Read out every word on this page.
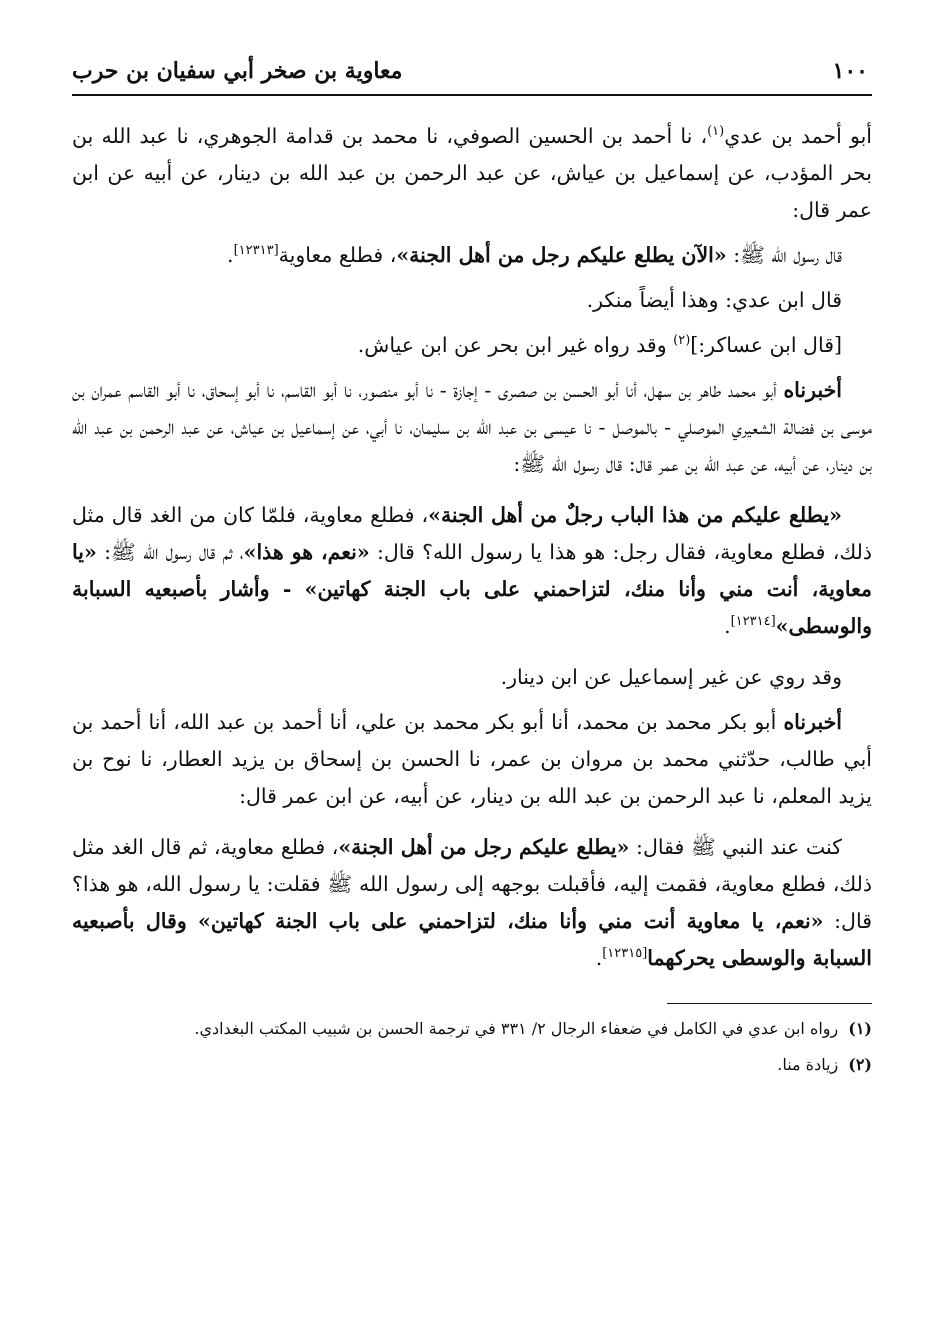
١٠٠
معاوية بن صخر أبي سفيان بن حرب

أبو أحمد بن عدي$^{(١)}$، نا أحمد بن الحسين الصوفي، نا محمد بن قدامة الجوهري، نا عبد الله بن بحر المؤدب، عن إسماعيل بن عياش، عن عبد الرحمن بن عبد الله بن دينار، عن أبيه عن ابن عمر قال:

قال رسول الله ﷺ: «الآن يطلع عليكم رجل من أهل الجنة»، فطلع معاوية[١٢٣١٣].

قال ابن عدي: وهذا أيضاً منكر.

[قال ابن عساكر:]$^{(٢)}$ وقد رواه غير ابن بحر عن ابن عياش.

أخبرناه أبو محمد طاهر بن سهل، أنا أبو الحسن بن صصرى - إجازة - نا أبو منصور، نا أبو القاسم، نا أبو إسحاق، نا أبو القاسم عمران بن موسى بن فضالة الشعيري الموصلي - بالموصل - نا عيسى بن عبد الله بن سليمان، نا أبي، عن إسماعيل بن عياش، عن عبد الرحمن بن عبد الله بن دينار، عن أبيه، عن عبد الله بن عمر قال: قال رسول الله ﷺ:

«يطلع عليكم من هذا الباب رجلٌ من أهل الجنة»، فطلع معاوية، فلمّا كان من الغد قال مثل ذلك، فطلع معاوية، فقال رجل: هو هذا يا رسول الله؟ قال: «نعم، هو هذا»، ثم قال رسول الله ﷺ: «يا معاوية، أنت مني وأنا منك، لتزاحمني على باب الجنة كهاتين» - وأشار بأصبعيه السبابة والوسطى»[١٢٣١٤].

وقد روي عن غير إسماعيل عن ابن دينار.

أخبرناه أبو بكر محمد بن محمد، أنا أبو بكر محمد بن علي، أنا أحمد بن عبد الله، أنا أحمد بن أبي طالب، حدّثني محمد بن مروان بن عمر، نا الحسن بن إسحاق بن يزيد العطار، نا نوح بن يزيد المعلم، نا عبد الرحمن بن عبد الله بن دينار، عن أبيه، عن ابن عمر قال:

كنت عند النبي ﷺ فقال: «يطلع عليكم رجل من أهل الجنة»، فطلع معاوية، ثم قال الغد مثل ذلك، فطلع معاوية، فقمت إليه، فأقبلت بوجهه إلى رسول الله ﷺ فقلت: يا رسول الله، هو هذا؟ قال: «نعم، يا معاوية أنت مني وأنا منك، لتزاحمني على باب الجنة كهاتين» وقال بأصبعيه السبابة والوسطى يحركهما[١٢٣١٥].

(١)رواه ابن عدي في الكامل في ضعفاء الرجال ٢/ ٣٣١ في ترجمة الحسن بن شبيب المكتب البغدادي.

(٢)زيادة منا.
